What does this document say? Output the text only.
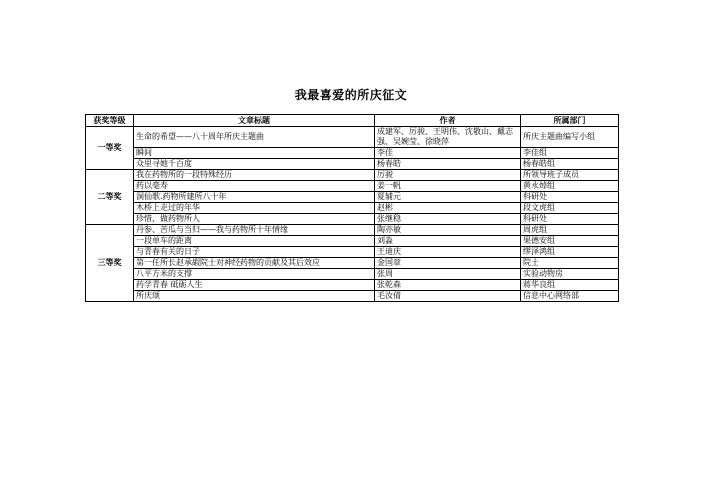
我最喜爱的所庆征文
获奖等级	文章标题	作者	所属部门
一等奖	生命的希望——八十周年所庆主题曲	成建军、厉骏、王明伟、沈敬山、戴志强、吴婉莹、徐晓萍	所庆主题曲编写小组
	瞬间	李佳	李佳组
	众里寻她千百度	杨春皓	杨春皓组
二等奖	我在药物所的一段特殊经历	厉骏	所领导班子成员
	药以毫寿	姜一帆	黄永焯组
	洞仙歌.药物所建所八十年	夏辅元	科研处
	木桥上走过的年华	赵彬	段文虎组
	珍惜，做药物所人	张继稳	科研处
三等奖	丹参、苦瓜与当归——我与药物所十年情缘	陶亦敏	周虎组
	一段单车的距离	刘淼	果德安组
	与青春有关的日子	王迪庆	缪泽鸿组
	第一任所长赵承嘏院士对神经药物的贡献及其后效应	金国章	院士
	八平方米的支撑	张周	实验动物房
	药学青春 砥砺人生	张乾森	蒋华良组
	所庆颂	毛汝倩	信息中心网络部
